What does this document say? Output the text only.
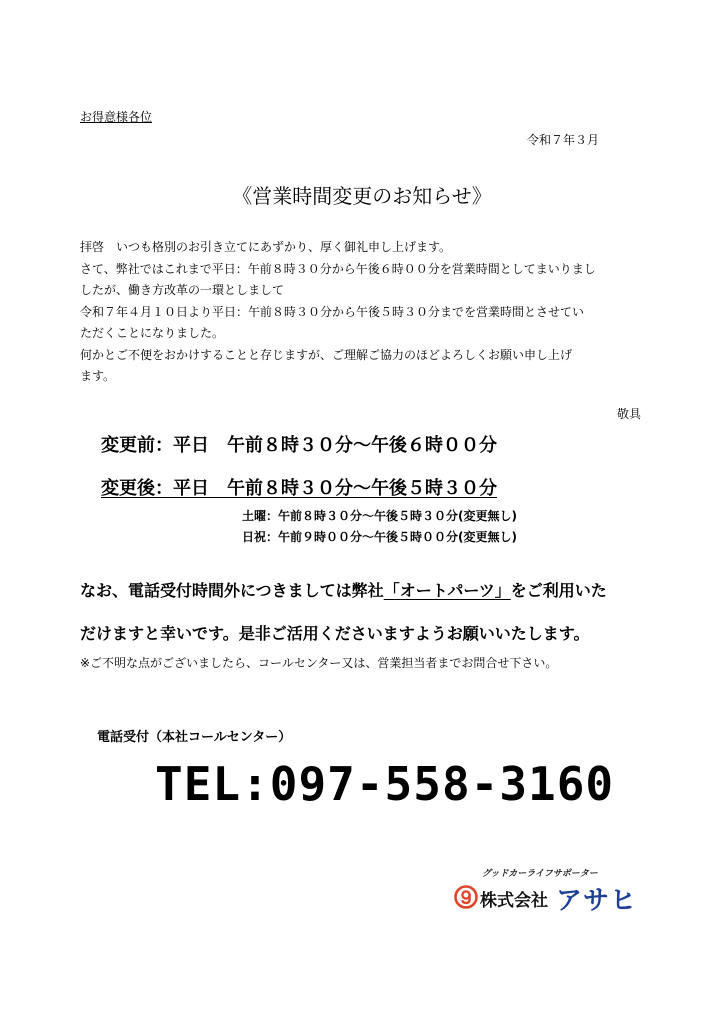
お得意様各位
令和７年３月
《営業時間変更のお知らせ》
拝啓　いつも格別のお引き立てにあずかり、厚く御礼申し上げます。
さて、弊社ではこれまで平日：午前８時３０分から午後６時００分を営業時間としてまいりまし
したが、働き方改革の一環としまして
令和７年４月１０日より平日：午前８時３０分から午後５時３０分までを営業時間とさせてい
ただくことになりました。
何かとご不便をおかけすることと存じますが、ご理解ご協力のほどよろしくお願い申し上げ
ます。
敬具
変更前：平日　午前８時３０分～午後６時００分
変更後：平日　午前８時３０分～午後５時３０分
土曜：午前８時３０分～午後５時３０分(変更無し)
日祝：午前９時００分～午後５時００分(変更無し)
なお、電話受付時間外につきましては弊社「オートパーツ」をご利用いた
だけますと幸いです。是非ご活用くださいますようお願いいたします。
※ご不明な点がございましたら、コールセンター又は、営業担当者までお問合せ下さい。
電話受付（本社コールセンター）
TEL:097-558-3160
グッドカーライフサポーター
株式会社 アサヒ
